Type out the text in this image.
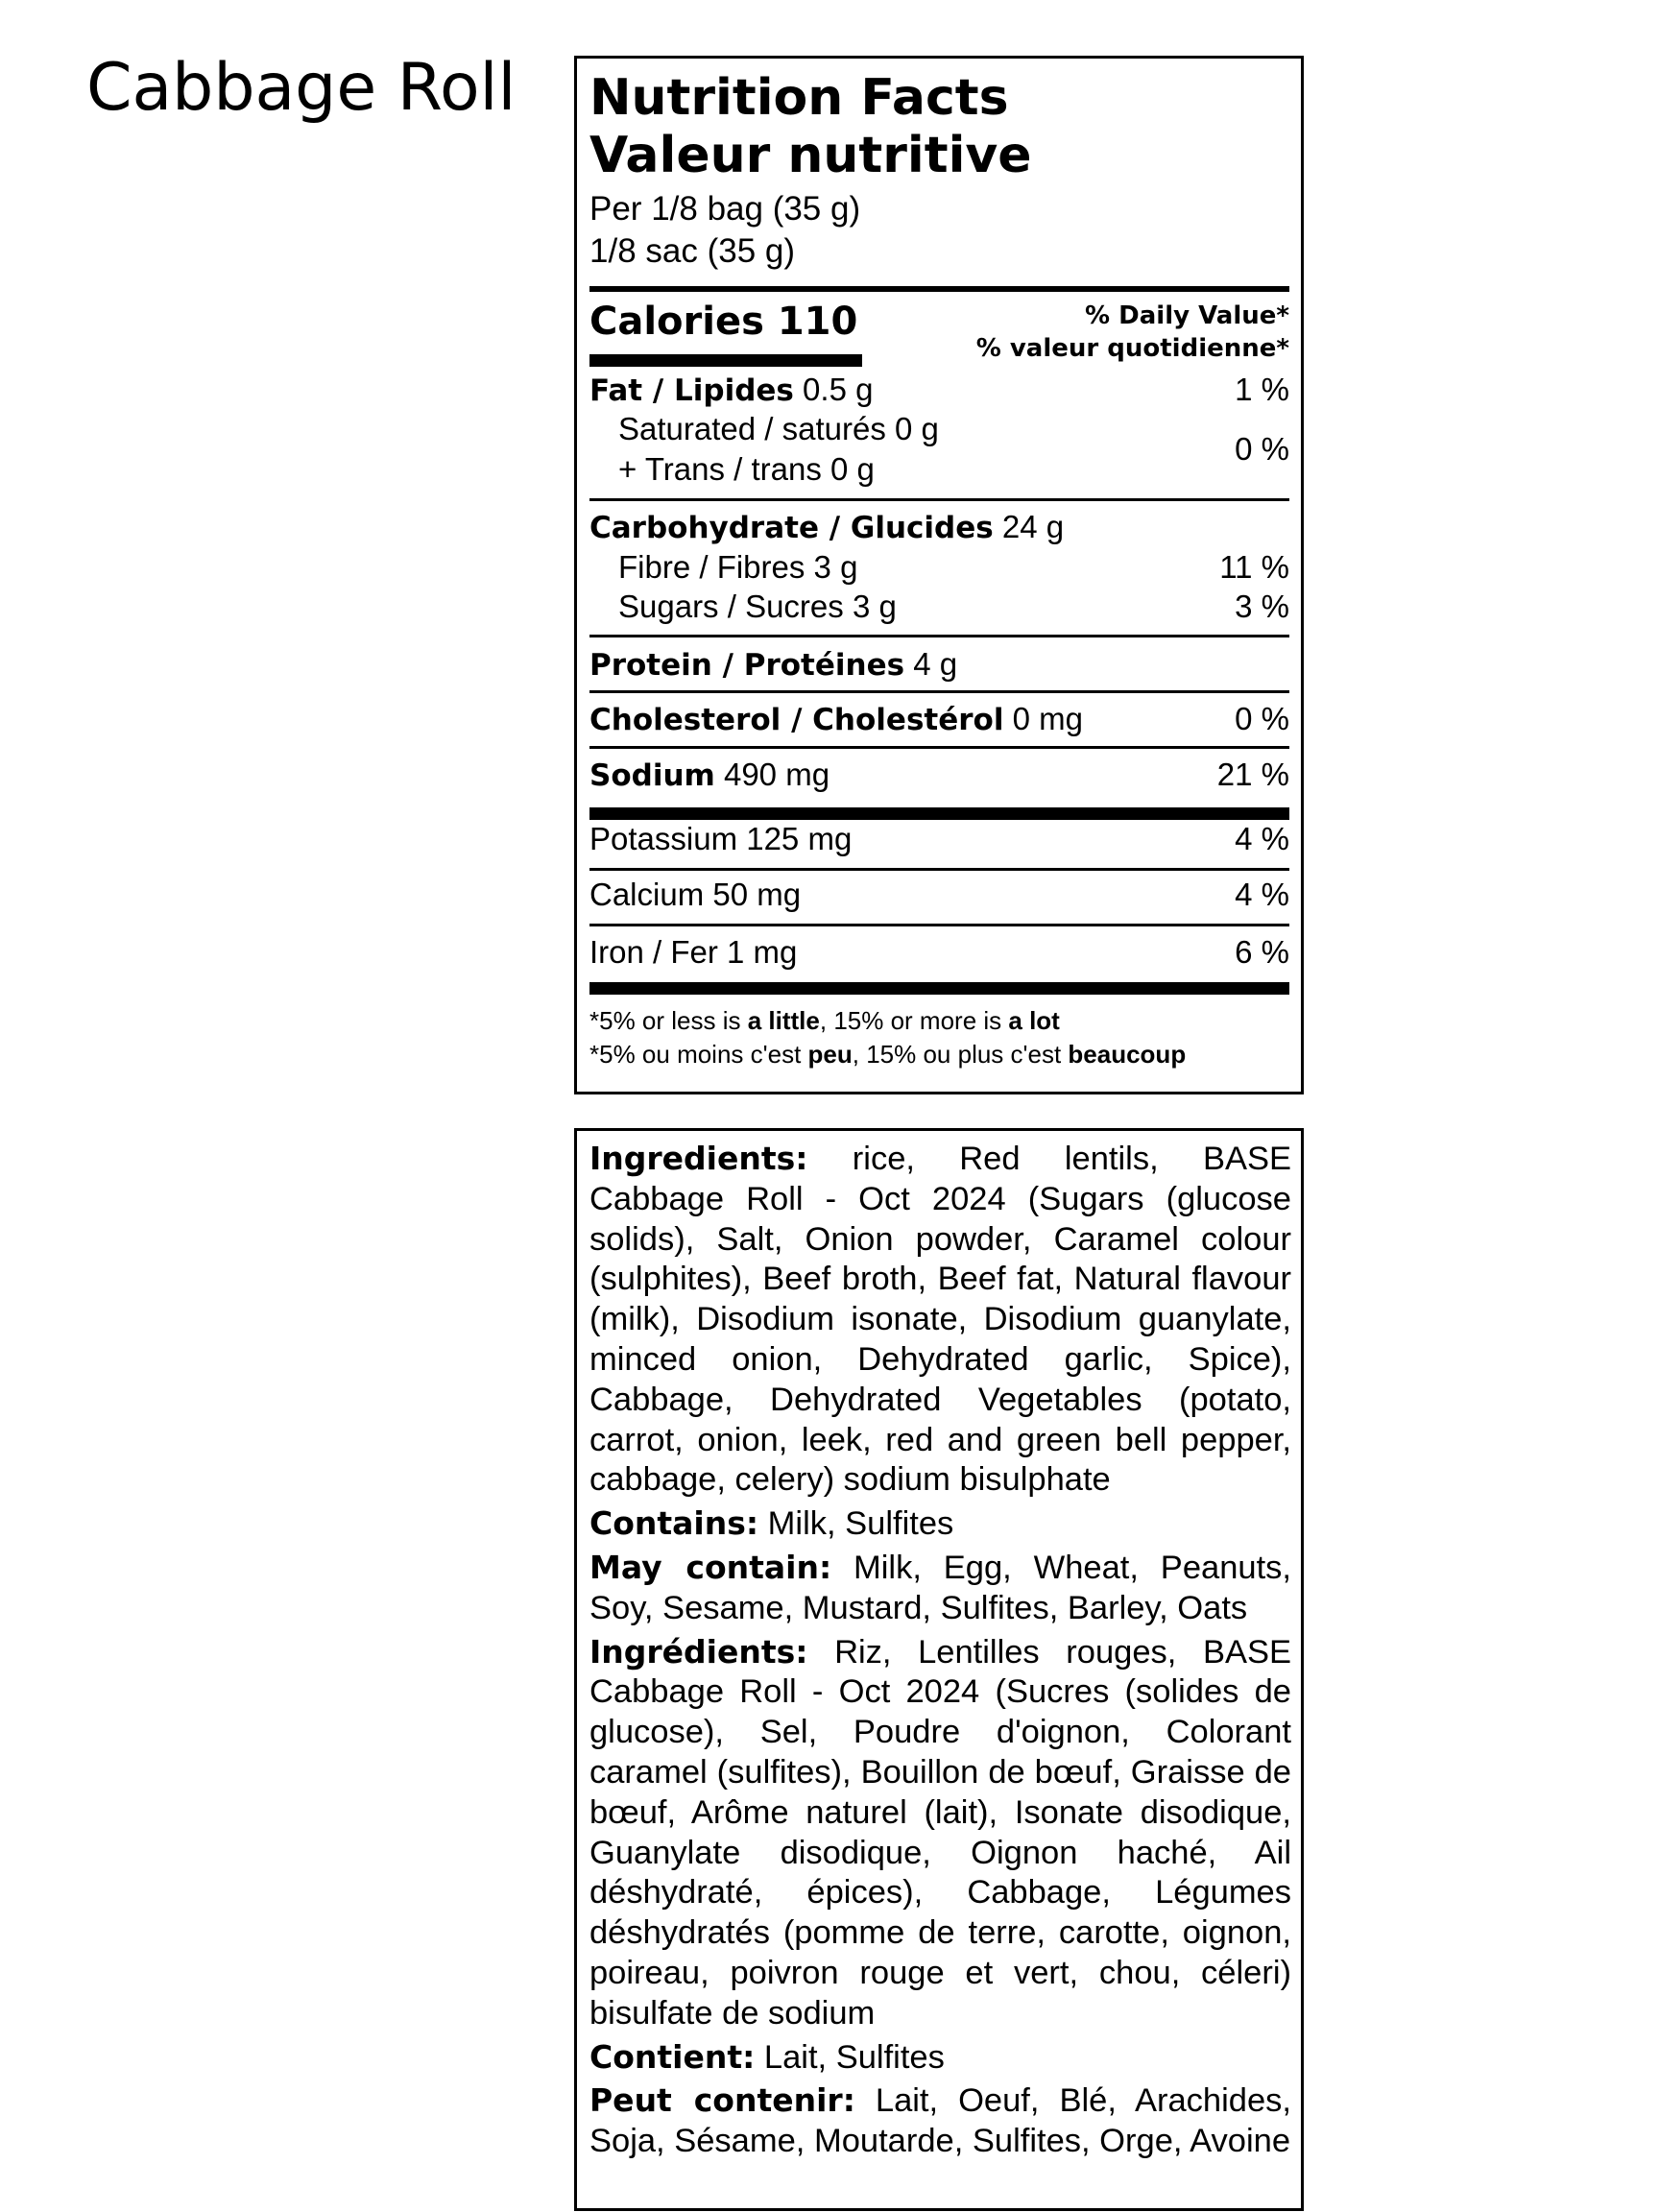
Cabbage Roll Nutrition Facts
Valeur nutritive
Per 1/8 bag (35 g)
1/8 sac (35 g)
Calories 110	% Daily Value*
% valeur quotidienne*
Fat / Lipides 0.5 g	1 %
Saturated / saturés 0 g
+ Trans / trans 0 g
0 %
Carbohydrate / Glucides 24 g
Fibre / Fibres 3 g	11 %
Sugars / Sucres 3 g	3 %
Protein / Protéines 4 g
Cholesterol / Cholestérol 0 mg	0 %
Sodium 490 mg	21 %
Potassium 125 mg	4 %
Calcium 50 mg	4 %
Iron / Fer 1 mg	6 %
*5% or less is a little, 15% or more is a lot
*5% ou moins c'est peu, 15% ou plus c'est beaucoup

Ingredients: rice, Red lentils, BASE Cabbage Roll - Oct 2024 (Sugars (glucose solids), Salt, Onion powder, Caramel colour (sulphites), Beef broth, Beef fat, Natural flavour (milk), Disodium isonate, Disodium guanylate, minced onion, Dehydrated garlic, Spice), Cabbage, Dehydrated Vegetables (potato, carrot, onion, leek, red and green bell pepper, cabbage, celery) sodium bisulphate

Contains: Milk, Sulfites

May contain: Milk, Egg, Wheat, Peanuts, Soy, Sesame, Mustard, Sulfites, Barley, Oats

Ingrédients: Riz, Lentilles rouges, BASE Cabbage Roll - Oct 2024 (Sucres (solides de glucose), Sel, Poudre d'oignon, Colorant caramel (sulfites), Bouillon de bœuf, Graisse de bœuf, Arôme naturel (lait), Isonate disodique, Guanylate disodique, Oignon haché, Ail déshydraté, épices), Cabbage, Légumes déshydratés (pomme de terre, carotte, oignon, poireau, poivron rouge et vert, chou, céleri) bisulfate de sodium

Contient: Lait, Sulfites

Peut contenir: Lait, Oeuf, Blé, Arachides, Soja, Sésame, Moutarde, Sulfites, Orge, Avoine
